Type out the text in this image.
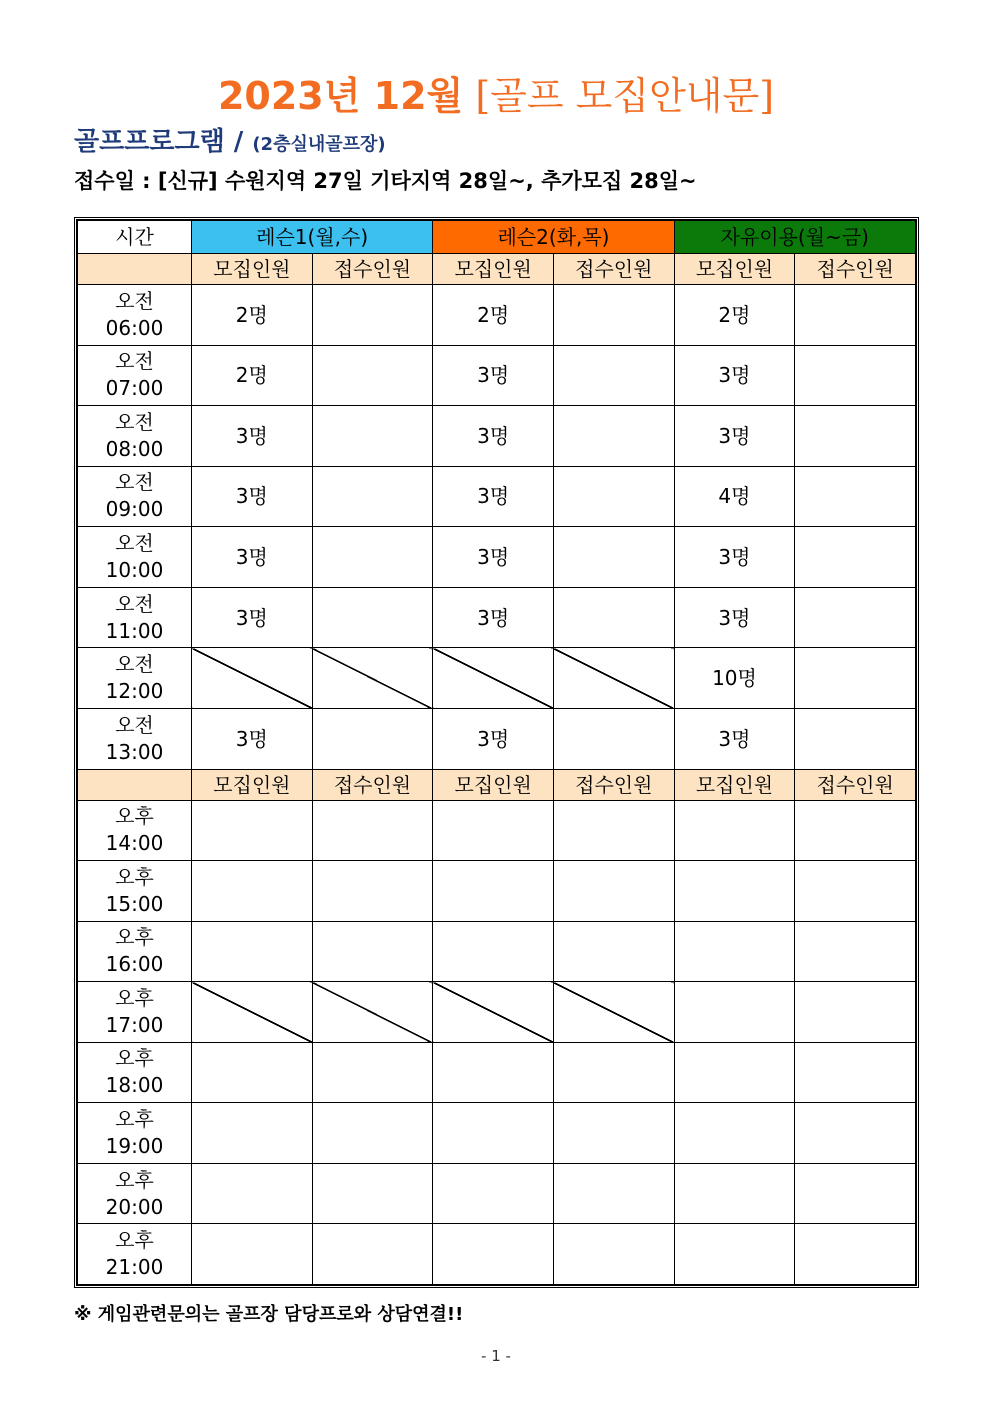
2023년 12월 [골프 모집안내문]
골프프로그램 / (2층실내골프장)
접수일 : [신규] 수원지역 27일 기타지역 28일~, 추가모집 28일~
시간	레슨1(월,수)		레슨2(화,목)		자유이용(월~금)	
	모집인원	접수인원	모집인원	접수인원	모집인원	접수인원

오전
06:00	2명		2명		2명	

오전
07:00	2명		3명		3명	

오전
08:00	3명		3명		3명	

오전
09:00	3명		3명		4명	

오전
10:00	3명		3명		3명	

오전
11:00	3명		3명		3명	

오전
12:00					10명	

오전
13:00	3명		3명		3명	
	모집인원	접수인원	모집인원	접수인원	모집인원	접수인원

오후
14:00						

오후
15:00						

오후
16:00						

오후
17:00						

오후
18:00						

오후
19:00						

오후
20:00						

오후
21:00						

※ 게임관련문의는 골프장 담당프로와 상담연결!!
- 1 -
